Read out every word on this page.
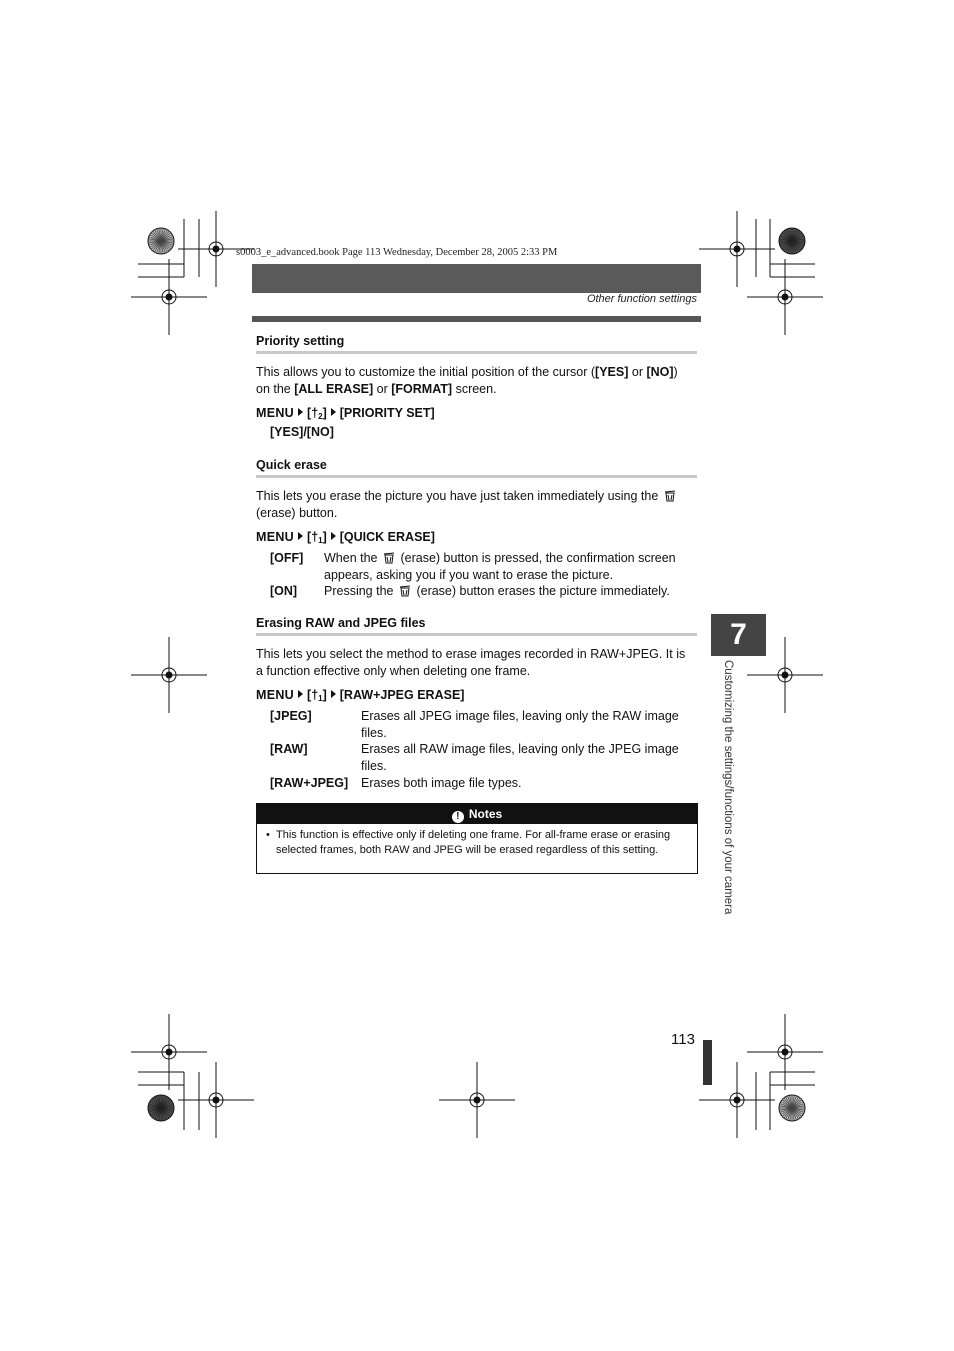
s0003_e_advanced.book Page 113 Wednesday, December 28, 2005 2:33 PM
Other function settings
Priority setting
This allows you to customize the initial position of the cursor ([YES] or [NO])
on the [ALL ERASE] or [FORMAT] screen.
MENU $[\dagger_2]$ [PRIORITY SET]
[YES]/[NO]
Quick erase
This lets you erase the picture you have just taken immediately using the
(erase) button.
MENU $[\dagger_1]$ [QUICK ERASE]
[OFF] When the (erase) button is pressed, the confirmation screen
appears, asking you if you want to erase the picture.
[ON] Pressing the (erase) button erases the picture immediately.
Erasing RAW and JPEG files
This lets you select the method to erase images recorded in RAW+JPEG. It is
a function effective only when deleting one frame.
MENU $[\dagger_1]$ [RAW+JPEG ERASE]
[JPEG]	Erases all JPEG image files, leaving only the RAW image
files.
[RAW]	Erases all RAW image files, leaving only the JPEG image
files.
[RAW+JPEG] Erases both image file types.
! Notes
• This function is effective only if deleting one frame. For all-frame erase or erasing selected frames, both RAW and JPEG will be erased regardless of this setting.
7
Customizing the settings/functions of your camera
113
